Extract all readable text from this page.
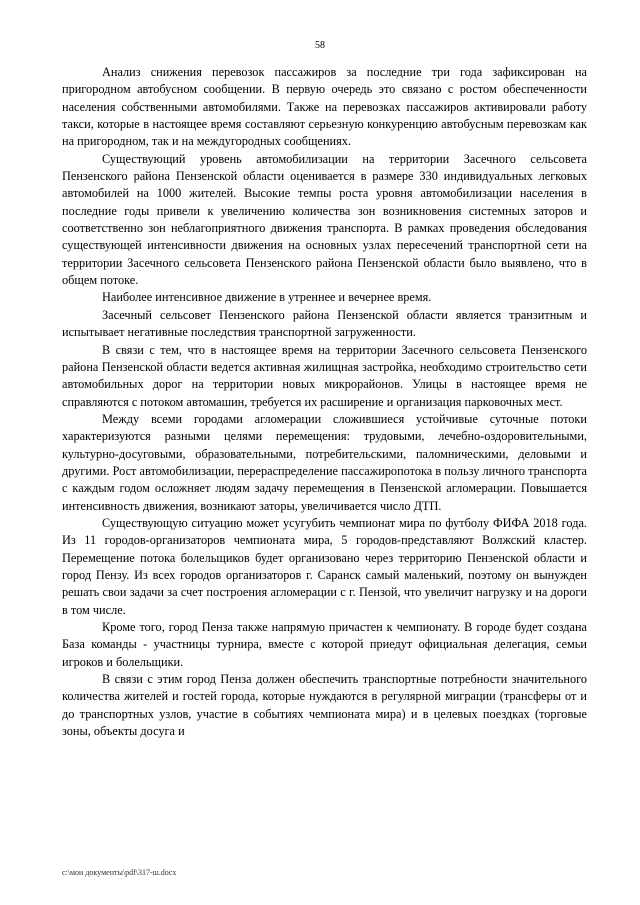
58

Анализ снижения перевозок пассажиров за последние три года зафиксирован на пригородном автобусном сообщении. В первую очередь это связано с ростом обеспеченности населения собственными автомобилями. Также на перевозках пассажиров активировали работу такси, которые в настоящее время составляют серьезную конкуренцию автобусным перевозкам как на пригородном, так и на междугородных сообщениях.

Существующий уровень автомобилизации на территории Засечного сельсовета Пензенского района Пензенской области оценивается в размере 330 индивидуальных легковых автомобилей на 1000 жителей. Высокие темпы роста уровня автомобилизации населения в последние годы привели к увеличению количества зон возникновения системных заторов и соответственно зон неблагоприятного движения транспорта. В рамках проведения обследования существующей интенсивности движения на основных узлах пересечений транспортной сети на территории Засечного сельсовета Пензенского района Пензенской области было выявлено, что в общем потоке.

Наиболее интенсивное движение в утреннее и вечернее время.

Засечный сельсовет Пензенского района Пензенской области является транзитным и испытывает негативные последствия транспортной загруженности.

В связи с тем, что в настоящее время на территории Засечного сельсовета Пензенского района Пензенской области ведется активная жилищная застройка, необходимо строительство сети автомобильных дорог на территории новых микрорайонов. Улицы в настоящее время не справляются с потоком автомашин, требуется их расширение и организация парковочных мест.

Между всеми городами агломерации сложившиеся устойчивые суточные потоки характеризуются разными целями перемещения: трудовыми, лечебно-оздоровительными, культурно-досуговыми, образовательными, потребительскими, паломническими, деловыми и другими. Рост автомобилизации, перераспределение пассажиропотока в пользу личного транспорта с каждым годом осложняет людям задачу перемещения в Пензенской агломерации. Повышается интенсивность движения, возникают заторы, увеличивается число ДТП.

Существующую ситуацию может усугубить чемпионат мира по футболу ФИФА 2018 года. Из 11 городов-организаторов чемпионата мира, 5 городов-представляют Волжский кластер. Перемещение потока болельщиков будет организовано через территорию Пензенской области и город Пензу. Из всех городов организаторов г. Саранск самый маленький, поэтому он вынужден решать свои задачи за счет построения агломерации с г. Пензой, что увеличит нагрузку и на дороги в том числе.

Кроме того, город Пенза также напрямую причастен к чемпионату. В городе будет создана База команды - участницы турнира, вместе с которой приедут официальная делегация, семьи игроков и болельщики.

В связи с этим город Пенза должен обеспечить транспортные потребности значительного количества жителей и гостей города, которые нуждаются в регулярной миграции (трансферы от и до транспортных узлов, участие в событиях чемпионата мира) и в целевых поездках (торговые зоны, объекты досуга и

c:\мои документы\pdf\317-ш.docx
